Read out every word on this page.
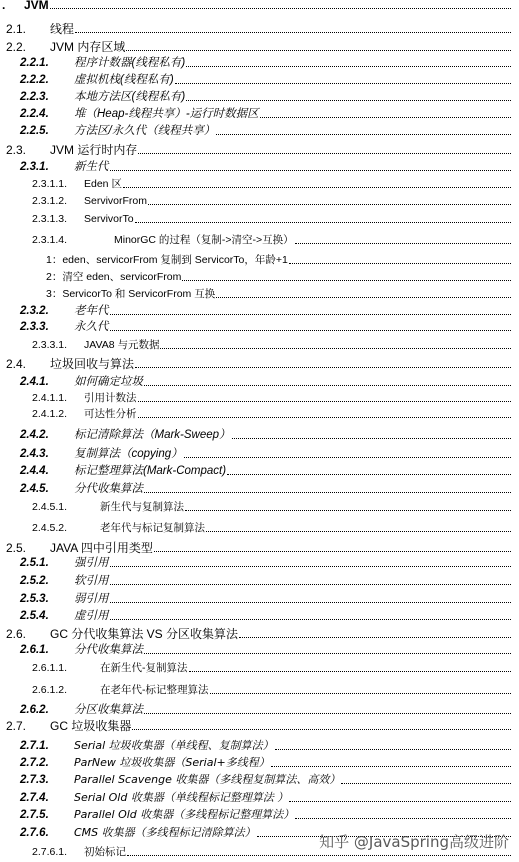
.	JVM
2.1.	线程
2.2.	JVM 内存区域
2.2.1.	程序计数器(线程私有)
2.2.2.	虚拟机栈(线程私有)
2.2.3.	本地方法区(线程私有)
2.2.4.	堆（Heap-线程共享）-运行时数据区
2.2.5.	方法区/永久代（线程共享）
2.3.	JVM 运行时内存
2.3.1.	新生代
2.3.1.1.	Eden 区
2.3.1.2.	ServivorFrom
2.3.1.3.	ServivorTo
2.3.1.4.	MinorGC 的过程（复制->清空->互换）
1： eden、servicorFrom 复制到 ServicorTo，年龄+1
2： 清空 eden、servicorFrom
3： ServicorTo 和 ServicorFrom 互换
2.3.2.	老年代
2.3.3.	永久代
2.3.3.1.	JAVA8 与元数据
2.4.	垃圾回收与算法
2.4.1.	如何确定垃圾
2.4.1.1.	引用计数法
2.4.1.2.	可达性分析
2.4.2.	标记清除算法（Mark-Sweep）
2.4.3.	复制算法（copying）
2.4.4.	标记整理算法(Mark-Compact)
2.4.5.	分代收集算法
2.4.5.1.	新生代与复制算法
2.4.5.2.	老年代与标记复制算法
2.5.	JAVA 四中引用类型
2.5.1.	强引用
2.5.2.	软引用
2.5.3.	弱引用
2.5.4.	虚引用
2.6.	GC 分代收集算法 VS 分区收集算法
2.6.1.	分代收集算法
2.6.1.1.	在新生代-复制算法
2.6.1.2.	在老年代-标记整理算法
2.6.2.	分区收集算法
2.7.	GC 垃圾收集器
2.7.1.	Serial 垃圾收集器（单线程、复制算法）
2.7.2.	ParNew 垃圾收集器（Serial+多线程）
2.7.3.	Parallel Scavenge 收集器（多线程复制算法、高效）
2.7.4.	Serial Old 收集器（单线程标记整理算法 ）
2.7.5.	Parallel Old 收集器（多线程标记整理算法）
2.7.6.	CMS 收集器（多线程标记清除算法）
2.7.6.1.	初始标记
知乎 @JavaSpring高级进阶
